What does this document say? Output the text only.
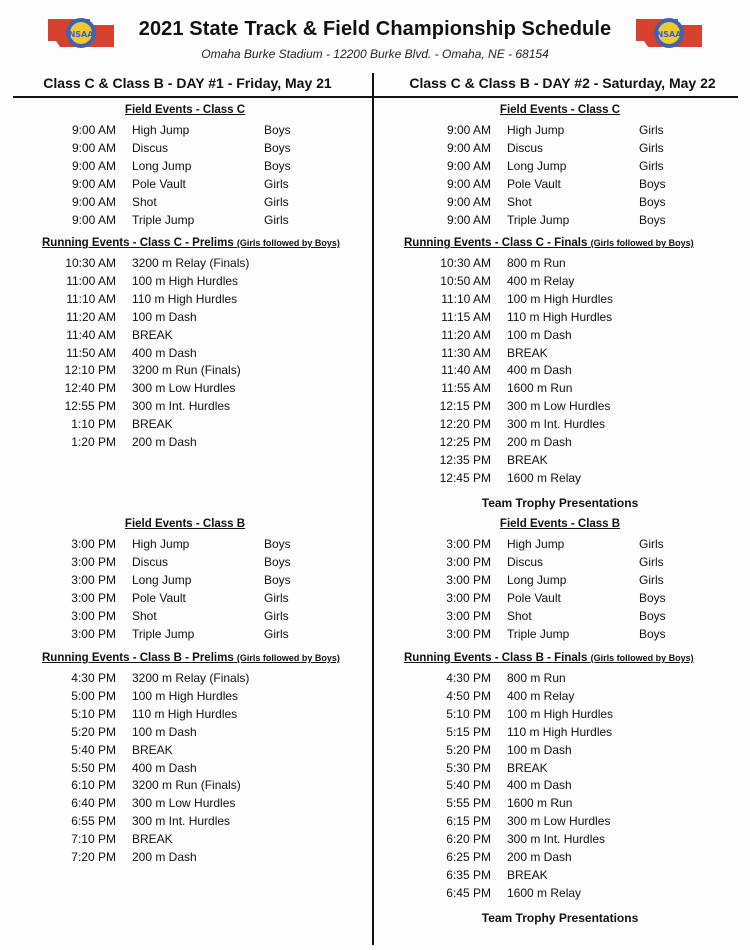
NSAA	NSAA
2021 State Track & Field Championship Schedule
Omaha Burke Stadium - 12200 Burke Blvd. - Omaha, NE - 68154
Class C & Class B - DAY #1 - Friday, May 21	Class C & Class B - DAY #2 - Saturday, May 22
Field Events - Class C
9:00 AM High Jump	Boys
9:00 AM Discus	Boys
9:00 AM Long Jump	Boys
9:00 AM Pole Vault	Girls
9:00 AM Shot	Girls
9:00 AM Triple Jump	Girls
Running Events - Class C - Prelims (Girls followed by Boys)
10:30 AM 3200 m Relay (Finals)
11:00 AM 100 m High Hurdles
11:10 AM 110 m High Hurdles
11:20 AM 100 m Dash
11:40 AM BREAK
11:50 AM 400 m Dash
12:10 PM 3200 m Run (Finals)
12:40 PM 300 m Low Hurdles
12:55 PM 300 m Int. Hurdles
1:10 PM BREAK
1:20 PM 200 m Dash
Field Events - Class B
3:00 PM High Jump	Boys
3:00 PM Discus	Boys
3:00 PM Long Jump	Boys
3:00 PM Pole Vault	Girls
3:00 PM Shot	Girls
3:00 PM Triple Jump	Girls
Running Events - Class B - Prelims (Girls followed by Boys)
4:30 PM 3200 m Relay (Finals)
5:00 PM 100 m High Hurdles
5:10 PM 110 m High Hurdles
5:20 PM 100 m Dash
5:40 PM BREAK
5:50 PM 400 m Dash
6:10 PM 3200 m Run (Finals)
6:40 PM 300 m Low Hurdles
6:55 PM 300 m Int. Hurdles
7:10 PM BREAK
7:20 PM 200 m Dash
Field Events - Class C
9:00 AM High Jump	Girls
9:00 AM Discus	Girls
9:00 AM Long Jump	Girls
9:00 AM Pole Vault	Boys
9:00 AM Shot	Boys
9:00 AM Triple Jump	Boys
Running Events - Class C - Finals (Girls followed by Boys)
10:30 AM 800 m Run
10:50 AM 400 m Relay
11:10 AM 100 m High Hurdles
11:15 AM 110 m High Hurdles
11:20 AM 100 m Dash
11:30 AM BREAK
11:40 AM 400 m Dash
11:55 AM 1600 m Run
12:15 PM 300 m Low Hurdles
12:20 PM 300 m Int. Hurdles
12:25 PM 200 m Dash
12:35 PM BREAK
12:45 PM 1600 m Relay
Team Trophy Presentations
Field Events - Class B
3:00 PM High Jump	Girls
3:00 PM Discus	Girls
3:00 PM Long Jump	Girls
3:00 PM Pole Vault	Boys
3:00 PM Shot	Boys
3:00 PM Triple Jump	Boys
Running Events - Class B - Finals (Girls followed by Boys)
4:30 PM 800 m Run
4:50 PM 400 m Relay
5:10 PM 100 m High Hurdles
5:15 PM 110 m High Hurdles
5:20 PM 100 m Dash
5:30 PM BREAK
5:40 PM 400 m Dash
5:55 PM 1600 m Run
6:15 PM 300 m Low Hurdles
6:20 PM 300 m Int. Hurdles
6:25 PM 200 m Dash
6:35 PM BREAK
6:45 PM 1600 m Relay
Team Trophy Presentations
